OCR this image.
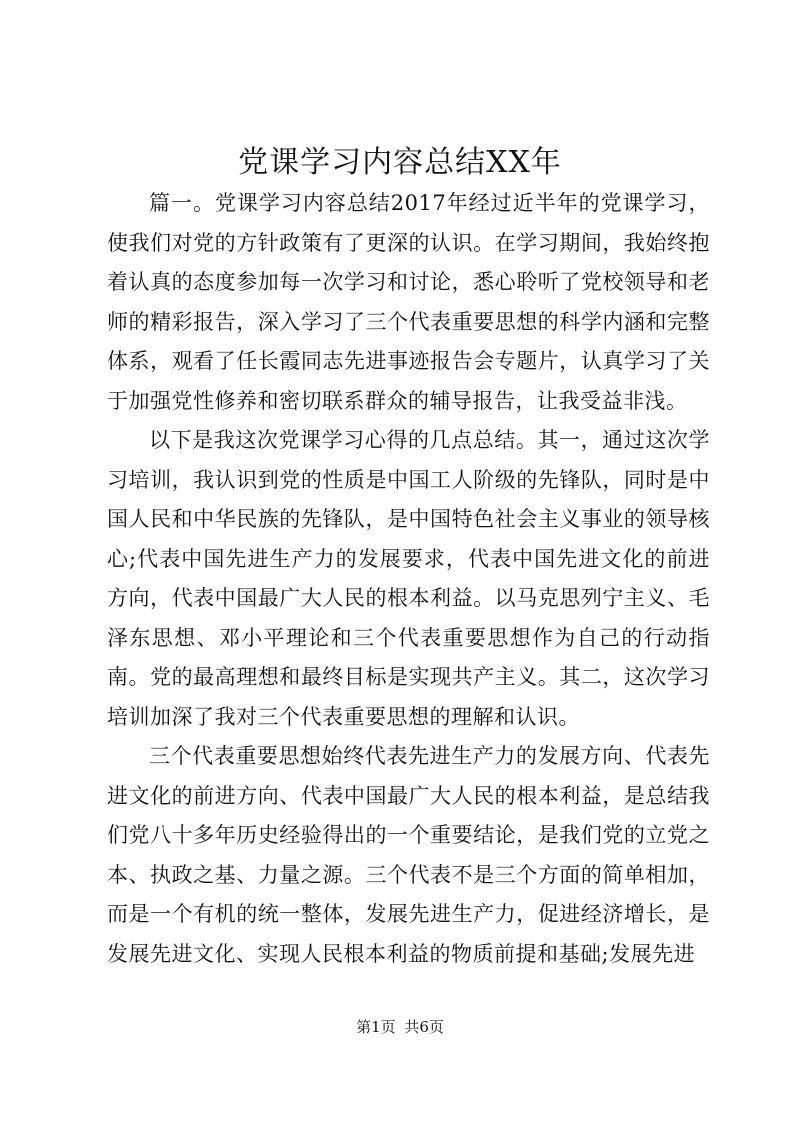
党课学习内容总结XX年

篇一。党课学习内容总结2017年经过近半年的党课学习，使我们对党的方针政策有了更深的认识。在学习期间，我始终抱着认真的态度参加每一次学习和讨论，悉心聆听了党校领导和老师的精彩报告，深入学习了三个代表重要思想的科学内涵和完整体系，观看了任长霞同志先进事迹报告会专题片，认真学习了关于加强党性修养和密切联系群众的辅导报告，让我受益非浅。

以下是我这次党课学习心得的几点总结。其一，通过这次学习培训，我认识到党的性质是中国工人阶级的先锋队，同时是中国人民和中华民族的先锋队，是中国特色社会主义事业的领导核心;代表中国先进生产力的发展要求，代表中国先进文化的前进方向，代表中国最广大人民的根本利益。以马克思列宁主义、毛泽东思想、邓小平理论和三个代表重要思想作为自己的行动指南。党的最高理想和最终目标是实现共产主义。其二，这次学习培训加深了我对三个代表重要思想的理解和认识。

三个代表重要思想始终代表先进生产力的发展方向、代表先进文化的前进方向、代表中国最广大人民的根本利益，是总结我们党八十多年历史经验得出的一个重要结论，是我们党的立党之本、执政之基、力量之源。三个代表不是三个方面的简单相加，而是一个有机的统一整体，发展先进生产力，促进经济增长，是发展先进文化、实现人民根本利益的物质前提和基础;发展先进

第1页 共6页
